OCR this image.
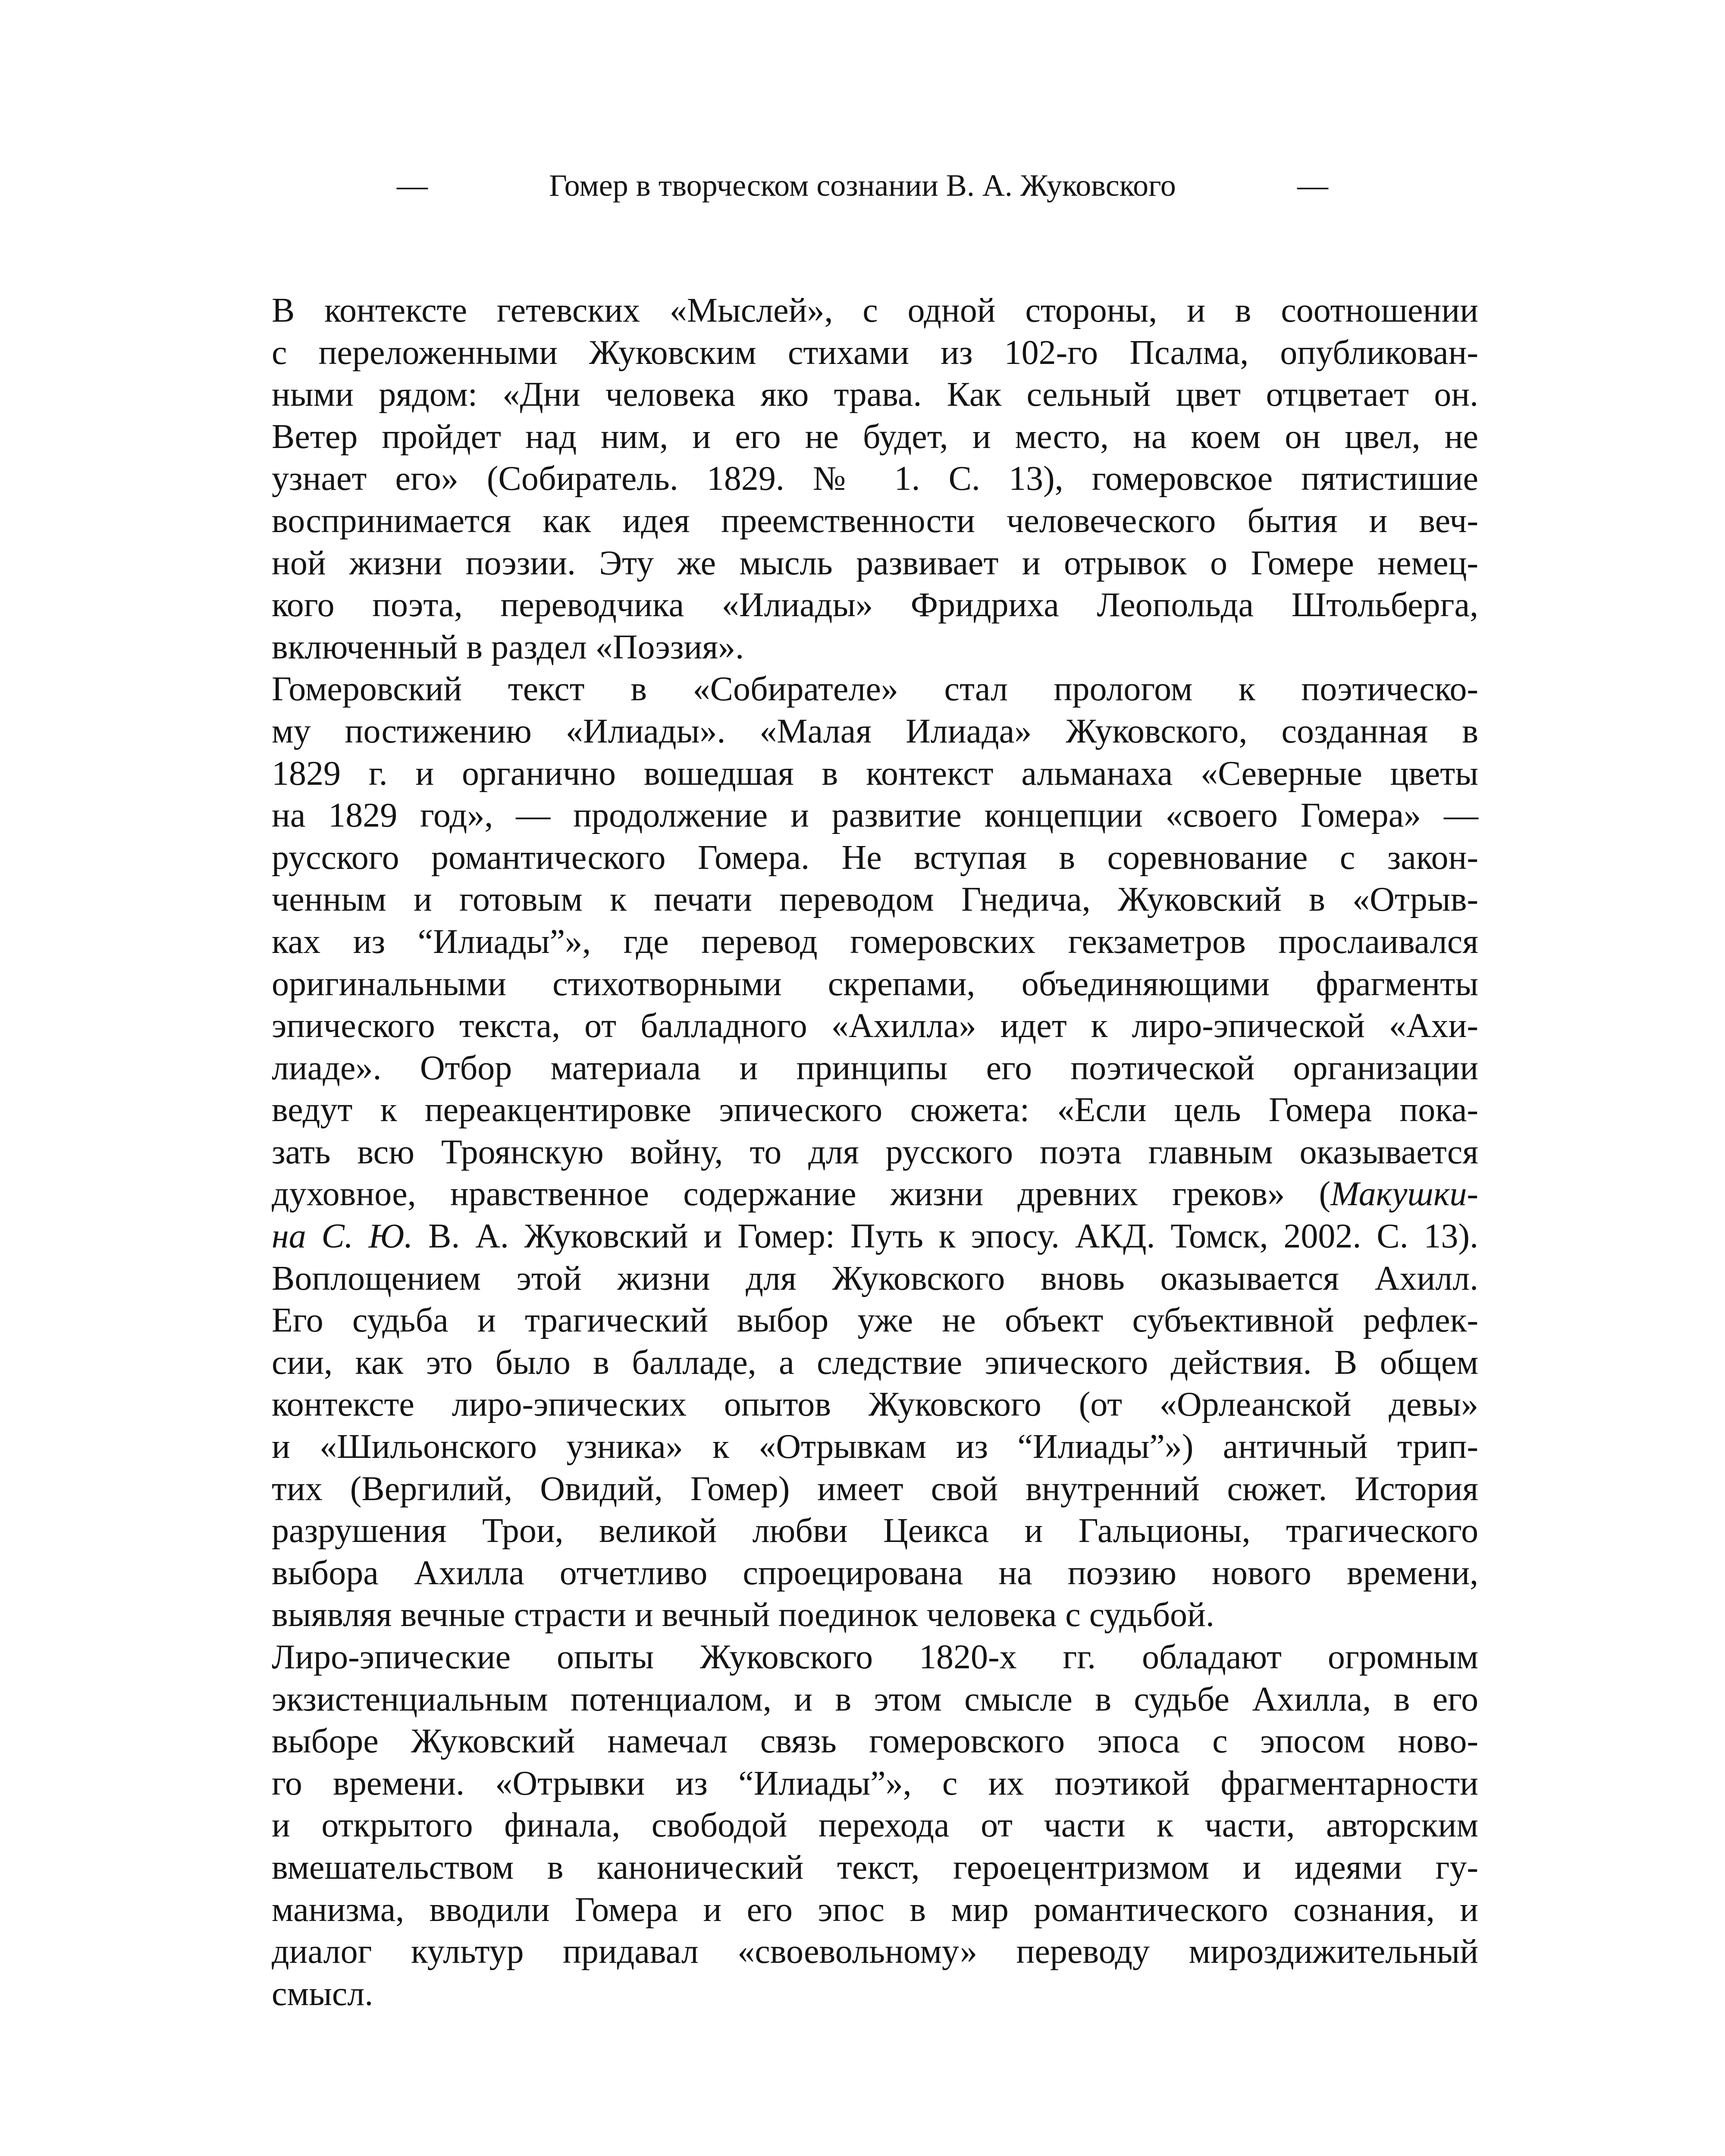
—	Гомер в творческом сознании В. А. Жуковского	—
В контексте гетевских «Мыслей», с одной стороны, и в соотношении
с переложенными Жуковским стихами из 102-го Псалма, опубликован-
ными рядом: «Дни человека яко трава. Как сельный цвет отцветает он.
Ветер пройдет над ним, и его не будет, и место, на коем он цвел, не
узнает его» (Собиратель. 1829. № 1. С. 13), гомеровское пятистишие
воспринимается как идея преемственности человеческого бытия и веч-
ной жизни поэзии. Эту же мысль развивает и отрывок о Гомере немец-
кого поэта, переводчика «Илиады» Фридриха Леопольда Штольберга,
включенный в раздел «Поэзия».
Гомеровский текст в «Собирателе» стал прологом к поэтическо-
му постижению «Илиады». «Малая Илиада» Жуковского, созданная в
1829 г. и органично вошедшая в контекст альманаха «Северные цветы
на 1829 год», — продолжение и развитие концепции «своего Гомера» —
русского романтического Гомера. Не вступая в соревнование с закон-
ченным и готовым к печати переводом Гнедича, Жуковский в «Отрыв-
ках из “Илиады”», где перевод гомеровских гекзаметров прослаивался
оригинальными стихотворными скрепами, объединяющими фрагменты
эпического текста, от балладного «Ахилла» идет к лиро-эпической «Ахи-
лиаде». Отбор материала и принципы его поэтической организации
ведут к переакцентировке эпического сюжета: «Если цель Гомера пока-
зать всю Троянскую войну, то для русского поэта главным оказывается
духовное, нравственное содержание жизни древних греков» (Макушки-
на С. Ю. В. А. Жуковский и Гомер: Путь к эпосу. АКД. Томск, 2002. С. 13).
Воплощением этой жизни для Жуковского вновь оказывается Ахилл.
Его судьба и трагический выбор уже не объект субъективной рефлек-
сии, как это было в балладе, а следствие эпического действия. В общем
контексте лиро-эпических опытов Жуковского (от «Орлеанской девы»
и «Шильонского узника» к «Отрывкам из “Илиады”») античный трип-
тих (Вергилий, Овидий, Гомер) имеет свой внутренний сюжет. История
разрушения Трои, великой любви Цеикса и Гальционы, трагического
выбора Ахилла отчетливо спроецирована на поэзию нового времени,
выявляя вечные страсти и вечный поединок человека с судьбой.
Лиро-эпические опыты Жуковского 1820-х гг. обладают огромным
экзистенциальным потенциалом, и в этом смысле в судьбе Ахилла, в его
выборе Жуковский намечал связь гомеровского эпоса с эпосом ново-
го времени. «Отрывки из “Илиады”», с их поэтикой фрагментарности
и открытого финала, свободой перехода от части к части, авторским
вмешательством в канонический текст, героецентризмом и идеями гу-
манизма, вводили Гомера и его эпос в мир романтического сознания, и
диалог культур придавал «своевольному» переводу мироздижительный
смысл.
